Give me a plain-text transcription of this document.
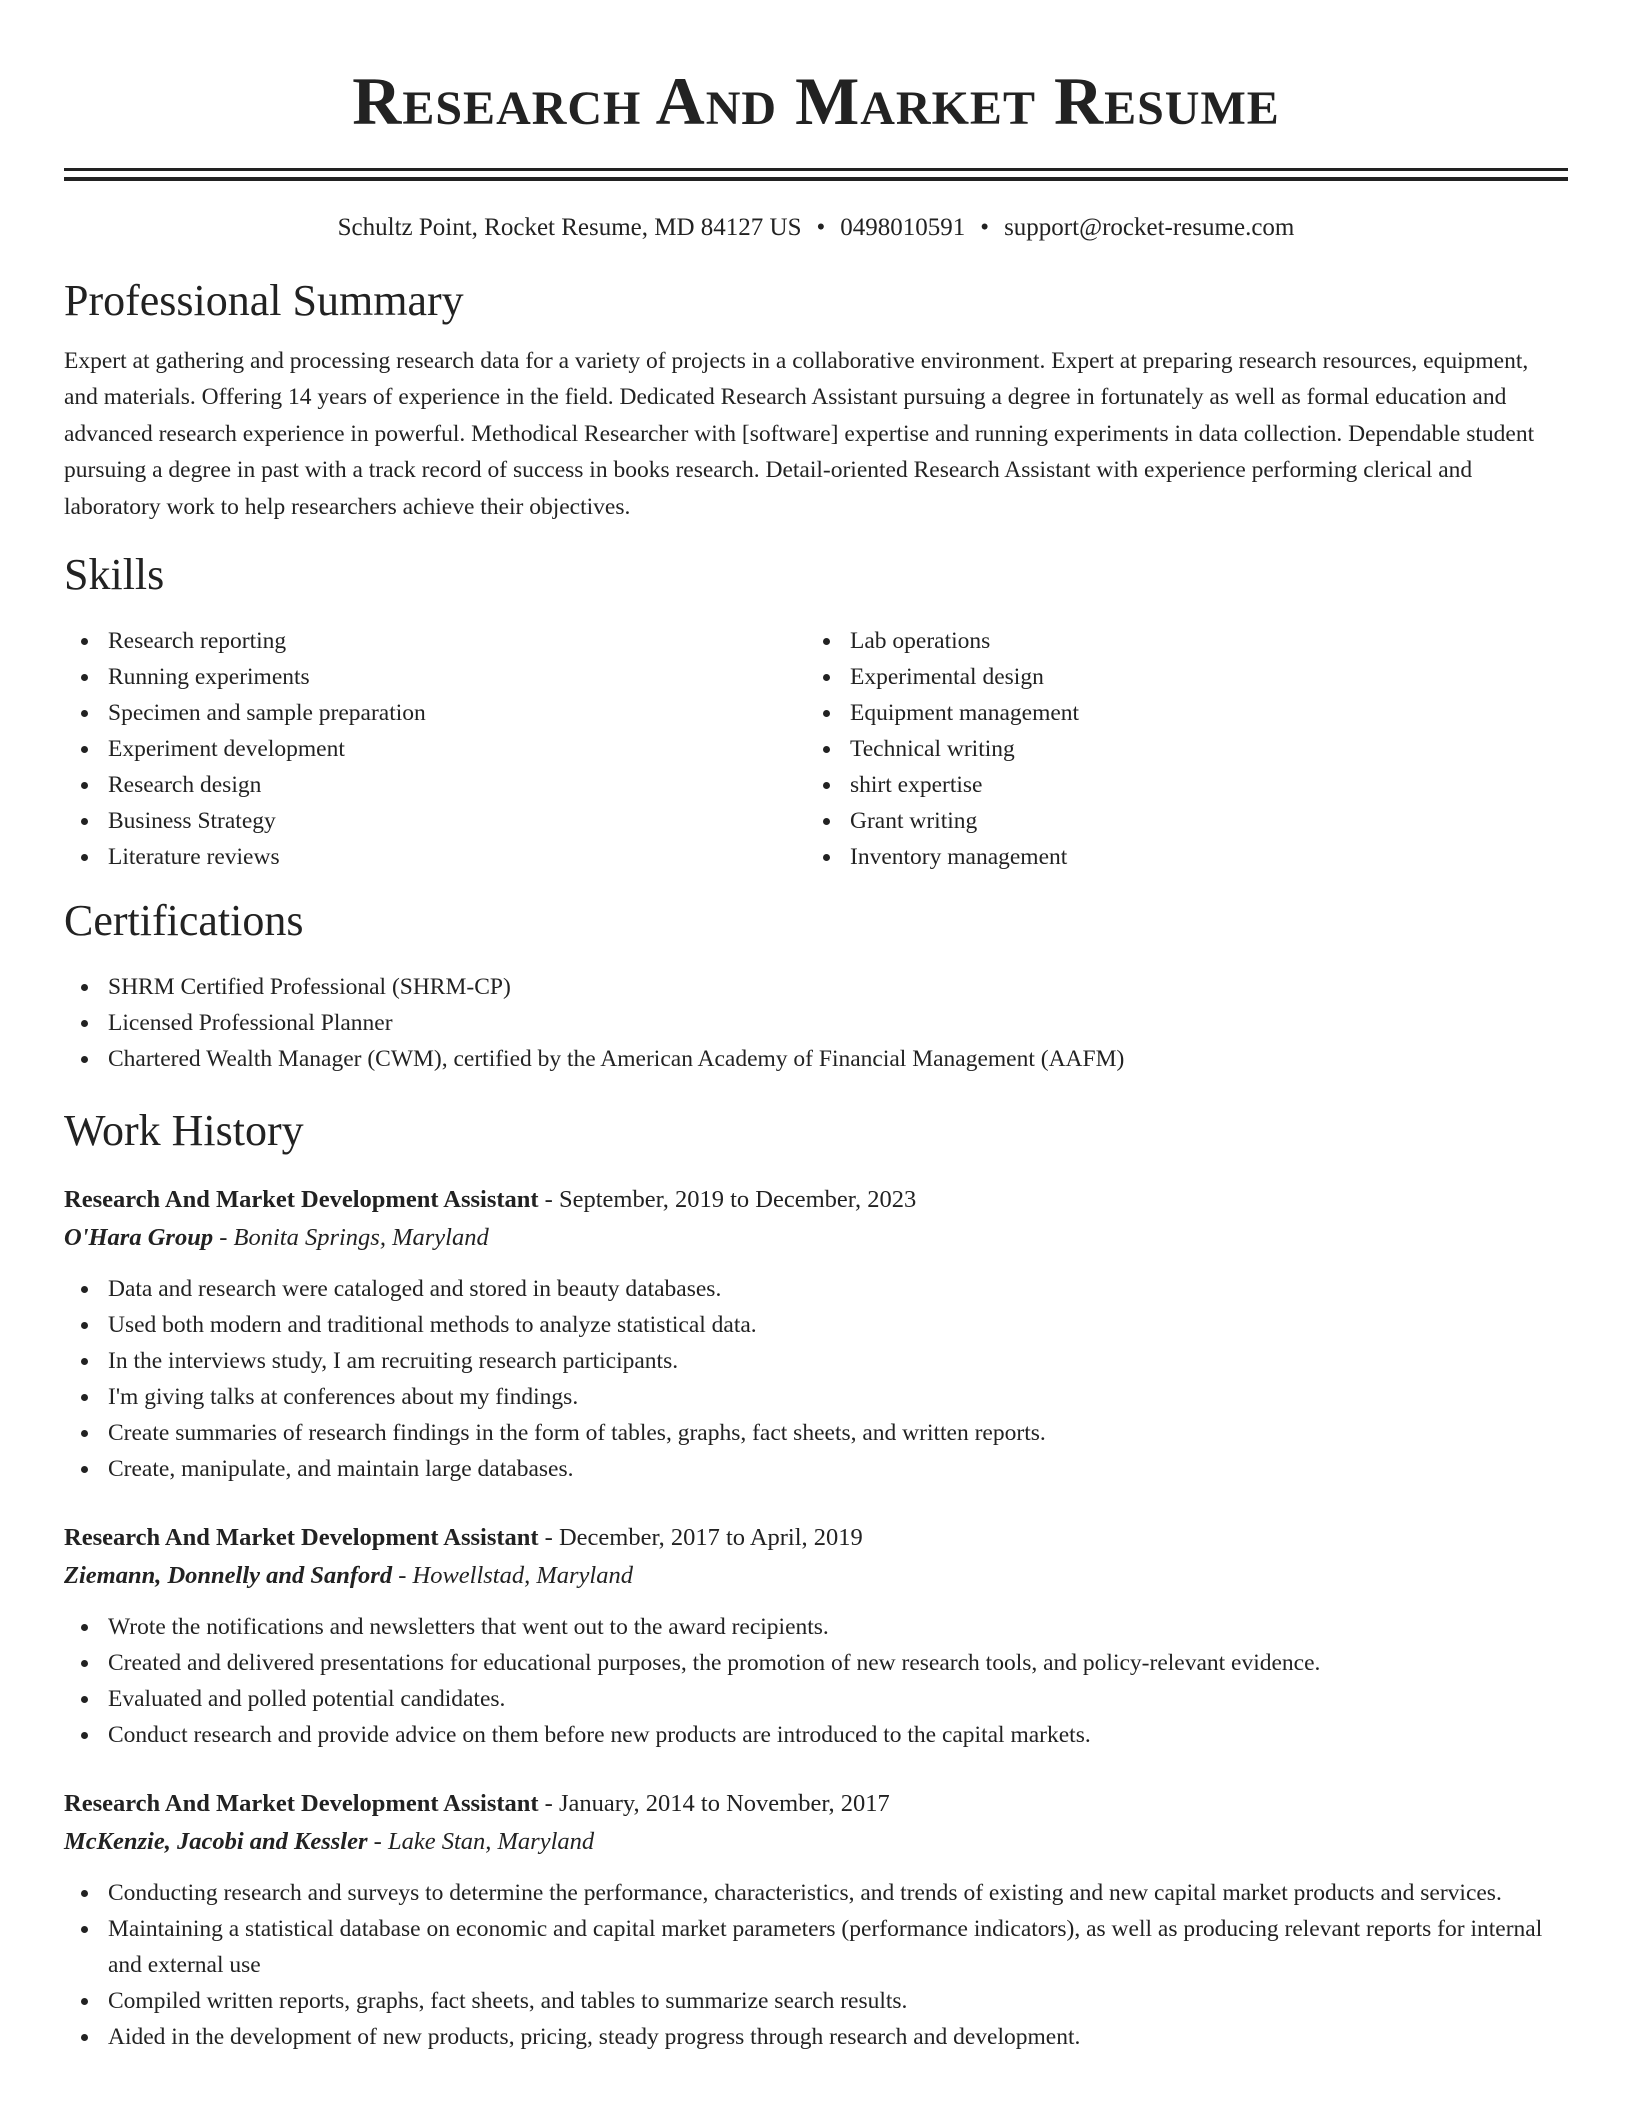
Research And Market Resume
Schultz Point, Rocket Resume, MD 84127 US • 0498010591 • support@rocket-resume.com
Professional Summary
Expert at gathering and processing research data for a variety of projects in a collaborative environment. Expert at preparing research resources, equipment, and materials. Offering 14 years of experience in the field. Dedicated Research Assistant pursuing a degree in fortunately as well as formal education and advanced research experience in powerful. Methodical Researcher with [software] expertise and running experiments in data collection. Dependable student pursuing a degree in past with a track record of success in books research. Detail-oriented Research Assistant with experience performing clerical and laboratory work to help researchers achieve their objectives.
Skills
Research reporting
Running experiments
Specimen and sample preparation
Experiment development
Research design
Business Strategy
Literature reviews
Lab operations
Experimental design
Equipment management
Technical writing
shirt expertise
Grant writing
Inventory management
Certifications
SHRM Certified Professional (SHRM-CP)
Licensed Professional Planner
Chartered Wealth Manager (CWM), certified by the American Academy of Financial Management (AAFM)
Work History
Research And Market Development Assistant - September, 2019 to December, 2023
O'Hara Group - Bonita Springs, Maryland
Data and research were cataloged and stored in beauty databases.
Used both modern and traditional methods to analyze statistical data.
In the interviews study, I am recruiting research participants.
I'm giving talks at conferences about my findings.
Create summaries of research findings in the form of tables, graphs, fact sheets, and written reports.
Create, manipulate, and maintain large databases.
Research And Market Development Assistant - December, 2017 to April, 2019
Ziemann, Donnelly and Sanford - Howellstad, Maryland
Wrote the notifications and newsletters that went out to the award recipients.
Created and delivered presentations for educational purposes, the promotion of new research tools, and policy-relevant evidence.
Evaluated and polled potential candidates.
Conduct research and provide advice on them before new products are introduced to the capital markets.
Research And Market Development Assistant - January, 2014 to November, 2017
McKenzie, Jacobi and Kessler - Lake Stan, Maryland
Conducting research and surveys to determine the performance, characteristics, and trends of existing and new capital market products and services.
Maintaining a statistical database on economic and capital market parameters (performance indicators), as well as producing relevant reports for internal and external use
Compiled written reports, graphs, fact sheets, and tables to summarize search results.
Aided in the development of new products, pricing, steady progress through research and development.
